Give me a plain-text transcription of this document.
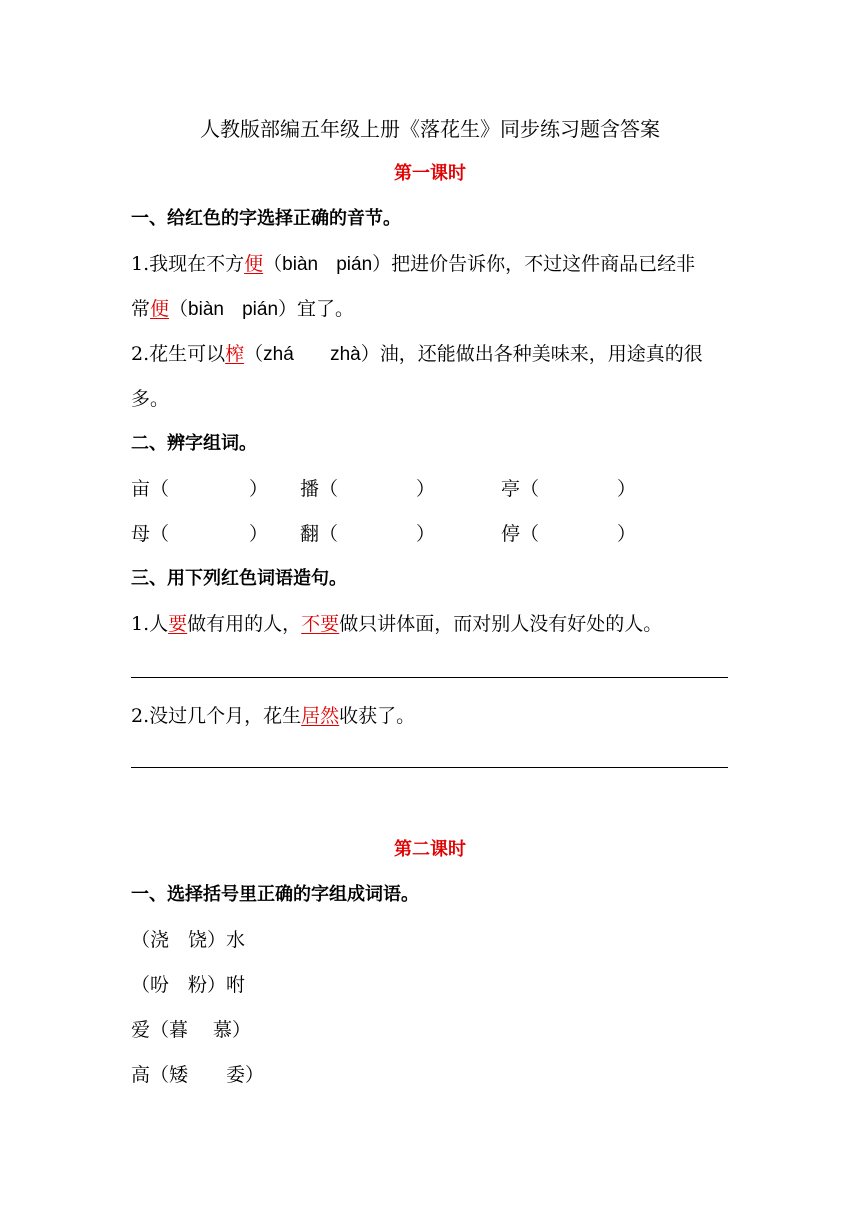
人教版部编五年级上册《落花生》同步练习题含答案
第一课时
一、给红色的字选择正确的音节。
1.我现在不方便（biàn pián）把进价告诉你，不过这件商品已经非
常便（biàn pián）宜了。
2.花生可以榨（zhá zhà）油，还能做出各种美味来，用途真的很
多。
二、辨字组词。
亩（	） 播（	）	亭（	）
母（	） 翻（	）	停（	）
三、用下列红色词语造句。
1.人要做有用的人，不要做只讲体面，而对别人没有好处的人。
2.没过几个月，花生居然收获了。
第二课时
一、选择括号里正确的字组成词语。
（浇　饶）水
（吩　粉）咐
爱（暮　 慕）
高（矮　　委）
